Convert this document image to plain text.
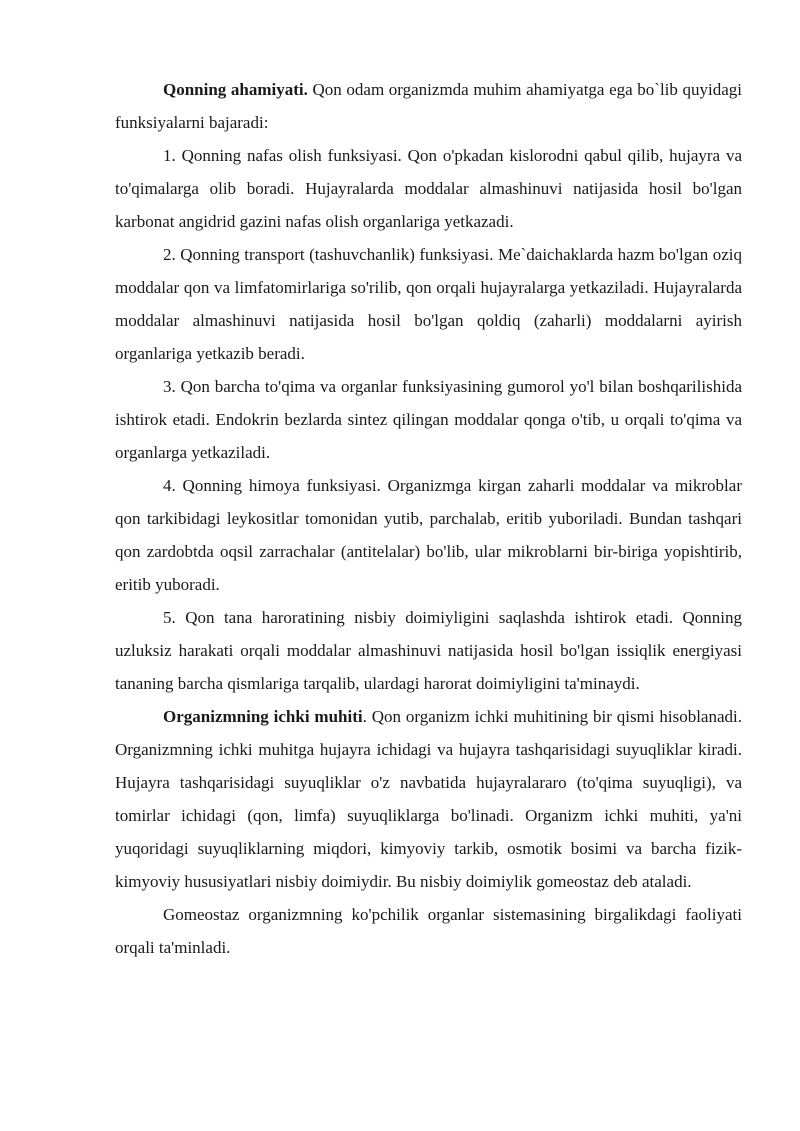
Qonning ahamiyati. Qon odam organizmda muhim ahamiyatga ega bo`lib quyidagi funksiyalarni bajaradi:

1. Qonning nafas olish funksiyasi. Qon o'pkadan kislorodni qabul qilib, hujayra va to'qimalarga olib boradi. Hujayralarda moddalar almashinuvi natijasida hosil bo'lgan karbonat angidrid gazini nafas olish organlariga yetkazadi.

2. Qonning transport (tashuvchanlik) funksiyasi. Me`daichaklarda hazm bo'lgan oziq moddalar qon va limfatomirlariga so'rilib, qon orqali hujayralarga yetkaziladi. Hujayralarda moddalar almashinuvi natijasida hosil bo'lgan qoldiq (zaharli) moddalarni ayirish organlariga yetkazib beradi.

3. Qon barcha to'qima va organlar funksiyasining gumorol yo'l bilan boshqarilishida ishtirok etadi. Endokrin bezlarda sintez qilingan moddalar qonga o'tib, u orqali to'qima va organlarga yetkaziladi.

4. Qonning himoya funksiyasi. Organizmga kirgan zaharli moddalar va mikroblar qon tarkibidagi leykositlar tomonidan yutib, parchalab, eritib yuboriladi. Bundan tashqari qon zardobtda oqsil zarrachalar (antitelalar) bo'lib, ular mikroblarni bir-biriga yopishtirib, eritib yuboradi.

5. Qon tana haroratining nisbiy doimiyligini saqlashda ishtirok etadi. Qonning uzluksiz harakati orqali moddalar almashinuvi natijasida hosil bo'lgan issiqlik energiyasi tananing barcha qismlariga tarqalib, ulardagi harorat doimiyligini ta'minaydi.

Organizmning ichki muhiti. Qon organizm ichki muhitining bir qismi hisoblanadi. Organizmning ichki muhitga hujayra ichidagi va hujayra tashqarisidagi suyuqliklar kiradi. Hujayra tashqarisidagi suyuqliklar o'z navbatida hujayralararo (to'qima suyuqligi), va tomirlar ichidagi (qon, limfa) suyuqliklarga bo'linadi. Organizm ichki muhiti, ya'ni yuqoridagi suyuqliklarning miqdori, kimyoviy tarkib, osmotik bosimi va barcha fizik-kimyoviy hususiyatlari nisbiy doimiydir. Bu nisbiy doimiylik gomeostaz deb ataladi.

Gomeostaz organizmning ko'pchilik organlar sistemasining birgalikdagi faoliyati orqali ta'minladi.
